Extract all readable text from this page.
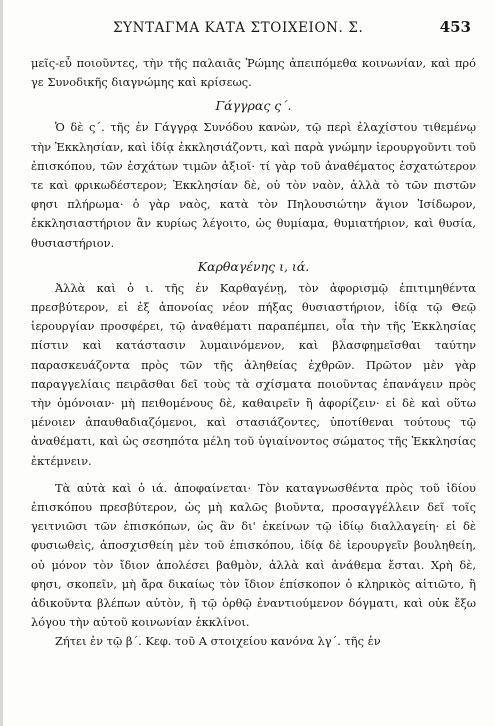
ΣΥΝΤΑΓΜΑ ΚΑΤΑ ΣΤΟΙΧΕΙΟΝ. Σ.	453

μεῖς-εὖ ποιοῦντες, τὴν τῆς παλαιᾶς Ῥώμης ἀπειπόμεθα κοινωνίαν, καὶ πρό γε Συνοδικῆς διαγνώμης καὶ κρίσεως.

Γάγγρας ς΄.

Ὁ δὲ ς΄. τῆς ἐν Γάγγρᾳ Συνόδου κανὼν, τῷ περὶ ἐλαχίστου τιθεμένῳ τὴν Ἐκκλησίαν, καὶ ἰδίᾳ ἐκκλησιάζοντι, καὶ παρὰ γνώμην ἱερουργοῦντι τοῦ ἐπισκόπου, τῶν ἐσχάτων τιμῶν ἀξιοῖ· τί γὰρ τοῦ ἀναθέματος ἐσχατώτερον τε καὶ φρικωδέστερον; Ἐκκλησίαν δὲ, οὐ τὸν ναὸν, ἀλλὰ τὸ τῶν πιστῶν φησι πλήρωμα· ὁ γὰρ ναὸς, κατὰ τὸν Πηλουσιώτην ἅγιον Ἰσίδωρον, ἐκκλησιαστήριον ἂν κυρίως λέγοιτο, ὡς θυμίαμα, θυμιατήριον, καὶ θυσία, θυσιαστήριον.

Καρθαγένης ι, ιά.

Ἀλλὰ καὶ ὁ ι. τῆς ἐν Καρθαγένῃ, τὸν ἀφορισμῷ ἐπιτιμηθέντα πρεσβύτερον, εἰ ἐξ ἀπονοίας νέον πήξας θυσιαστήριον, ἰδίᾳ τῷ Θεῷ ἱερουργίαν προσφέρει, τῷ ἀναθέματι παραπέμπει, οἷα τὴν τῆς Ἐκκλησίας πίστιν καὶ κατάστασιν λυμαινόμενον, καὶ βλασφημεῖσθαι ταύτην παρασκευάζοντα πρὸς τῶν τῆς ἀληθείας ἐχθρῶν. Πρῶτον μὲν γὰρ παραγγελίαις πειρᾶσθαι δεῖ τοὺς τὰ σχίσματα ποιοῦντας ἐπανάγειν πρὸς τὴν ὁμόνοιαν· μὴ πειθομένους δὲ, καθαιρεῖν ἢ ἀφορίζειν· εἰ δὲ καὶ οὕτω μένοιεν ἀπαυθαδιαζόμενοι, καὶ στασιάζοντες, ὑποτίθεναι τούτους τῷ ἀναθέματι, καὶ ὡς σεσηπότα μέλη τοῦ ὑγιαίνοντος σώματος τῆς Ἐκκλησίας ἐκτέμνειν.

Τὰ αὐτὰ καὶ ὁ ιά. ἀποφαίνεται· Τὸν καταγνωσθέντα πρὸς τοῦ ἰδίου ἐπισκόπου πρεσβύτερον, ὡς μὴ καλῶς βιοῦντα, προσαγγέλλειν δεῖ τοῖς γειτνιῶσι τῶν ἐπισκόπων, ὡς ἂν δι' ἐκείνων τῷ ἰδίῳ διαλλαγείη· εἰ δὲ φυσιωθεὶς, ἀποσχισθείη μὲν τοῦ ἐπισκόπου, ἰδίᾳ δὲ ἱερουργεῖν βουληθείη, οὐ μόνον τὸν ἴδιον ἀπολέσει βαθμὸν, ἀλλὰ καὶ ἀνάθεμα ἔσται. Χρὴ δὲ, φησι, σκοπεῖν, μὴ ἄρα δικαίως τὸν ἴδιον ἐπίσκοπον ὁ κληρικὸς αἰτιῶτο, ἢ ἀδικοῦντα βλέπων αὐτὸν, ἢ τῷ ὀρθῷ ἐναντιούμενον δόγματι, καὶ οὐκ ἔξω λόγου τὴν αὐτοῦ κοινωνίαν ἐκκλίνοι.

Ζήτει ἐν τῷ β΄. Κεφ. τοῦ Α στοιχείου κανόνα λγ΄. τῆς ἐν
